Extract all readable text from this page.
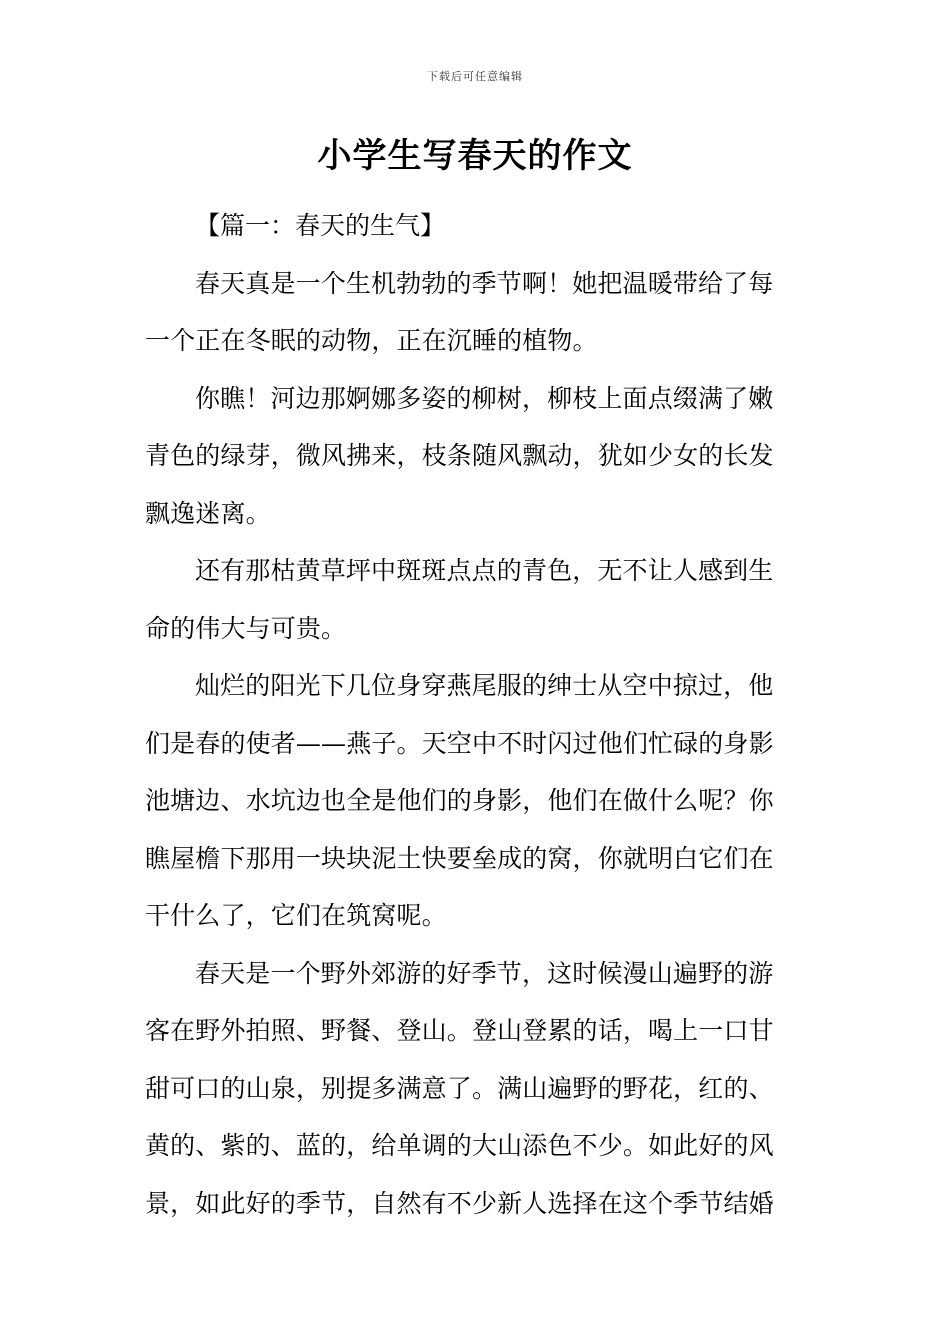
下载后可任意编辑
小学生写春天的作文

【篇一：春天的生气】

春天真是一个生机勃勃的季节啊！她把温暖带给了每
一个正在冬眠的动物，正在沉睡的植物。

你瞧！河边那婀娜多姿的柳树，柳枝上面点缀满了嫩
青色的绿芽，微风拂来，枝条随风飘动，犹如少女的长发
飘逸迷离。

还有那枯黄草坪中斑斑点点的青色，无不让人感到生
命的伟大与可贵。

灿烂的阳光下几位身穿燕尾服的绅士从空中掠过，他
们是春的使者——燕子。天空中不时闪过他们忙碌的身影
池塘边、水坑边也全是他们的身影，他们在做什么呢？你
瞧屋檐下那用一块块泥土快要垒成的窝，你就明白它们在
干什么了，它们在筑窝呢。

春天是一个野外郊游的好季节，这时候漫山遍野的游
客在野外拍照、野餐、登山。登山登累的话，喝上一口甘
甜可口的山泉，别提多满意了。满山遍野的野花，红的、
黄的、紫的、蓝的，给单调的大山添色不少。如此好的风
景，如此好的季节，自然有不少新人选择在这个季节结婚
